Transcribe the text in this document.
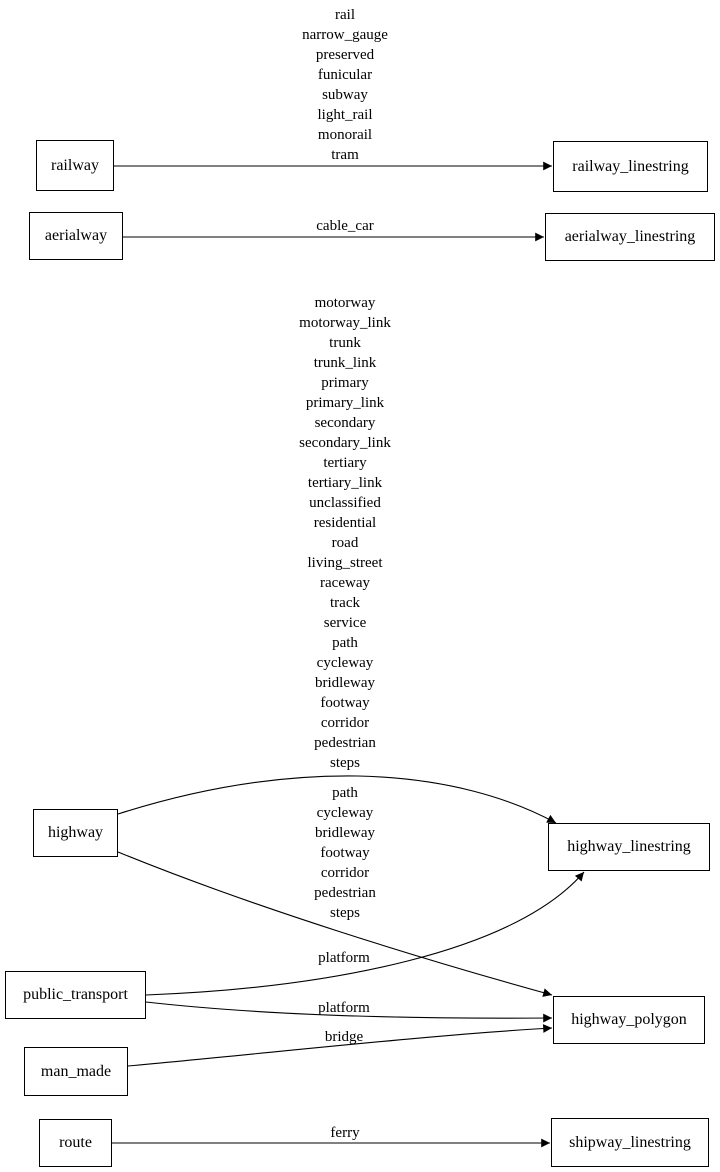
rail
narrow_gauge
preserved
funicular
subway
light_rail
monorail
tram
cable_car
motorway
motorway_link
trunk
trunk_link
primary
primary_link
secondary
secondary_link
tertiary
tertiary_link
unclassified
residential
road
living_street
raceway
track
service
path
cycleway
bridleway
footway
corridor
pedestrian
steps
path
cycleway
bridleway
footway
corridor
pedestrian
steps
platform
platform
bridge
ferry
railway	railway_linestring
aerialway	aerialway_linestring
highway
highway_linestring
public_transport
highway_polygon
man_made
route	shipway_linestring
